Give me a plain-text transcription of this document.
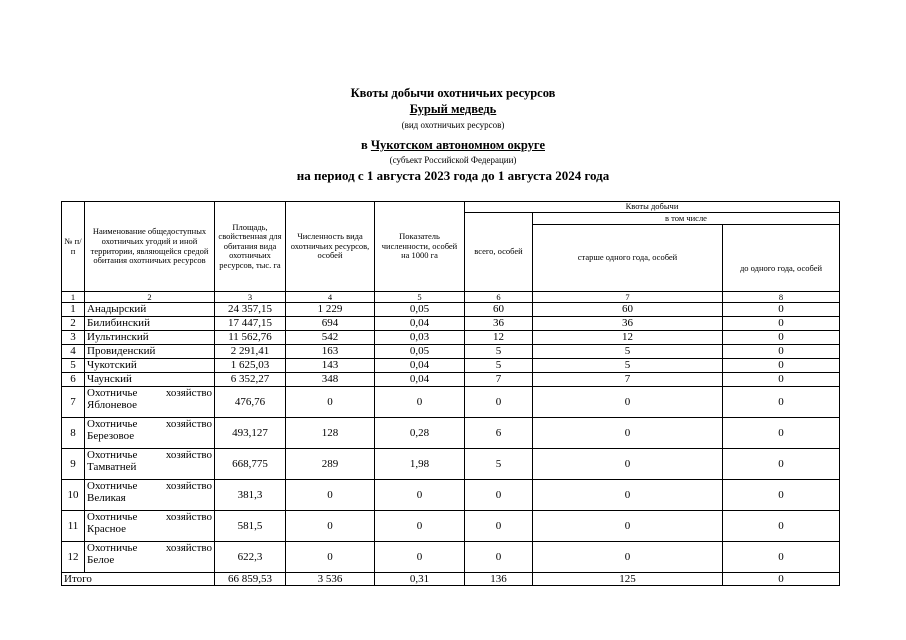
Квоты добычи охотничьих ресурсов
Бурый медведь
(вид охотничьих ресурсов)
в Чукотском автономном округе
(субъект Российской Федерации)
на период с 1 августа 2023 года до 1 августа 2024 года
№ п/п	Наименование общедоступных охотничьих угодий и иной территории, являющейся средой обитания охотничьих ресурсов	Площадь, свойственная для обитания вида охотничьих ресурсов, тыс. га	Численность вида охотничьих ресурсов, особей	Показатель численности, особей на 1000 га	Квоты добычи		
					всего, особей	в том числе	
						старше одного года, особей	до одного года, особей
1	2	3	4	5	6	7	8
1	Анадырский	24 357,15	1 229	0,05	60	60	0
2	Билибинский	17 447,15	694	0,04	36	36	0
3	Иультинский	11 562,76	542	0,03	12	12	0
4	Провиденский	2 291,41	163	0,05	5	5	0
5	Чукотский	1 625,03	143	0,04	5	5	0
6	Чаунский	6 352,27	348	0,04	7	7	0
7	Охотничье хозяйство
Яблоневое	476,76	0	0	0	0	0
8	Охотничье хозяйство
Березовое	493,127	128	0,28	6	0	0
9	Охотничье хозяйство
Тамватней	668,775	289	1,98	5	0	0
10	Охотничье хозяйство
Великая	381,3	0	0	0	0	0
11	Охотничье хозяйство
Красное	581,5	0	0	0	0	0
12	Охотничье хозяйство
Белое	622,3	0	0	0	0	0
Итого		66 859,53	3 536	0,31	136	125	0
